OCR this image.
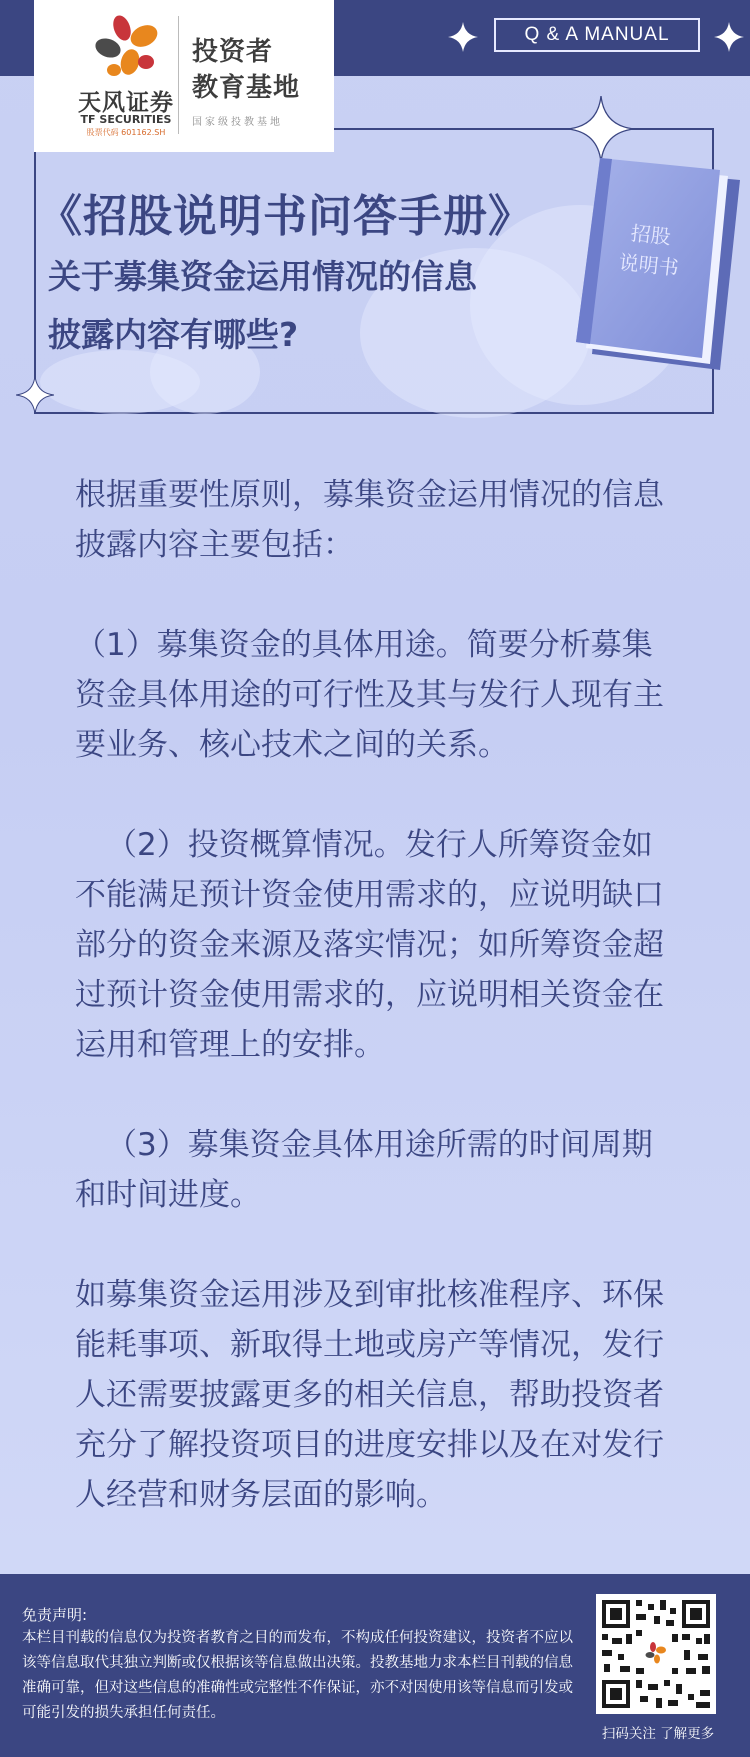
Q & A MANUAL
招股
说明书
《招股说明书问答手册》
关于募集资金运用情况的信息
披露内容有哪些?
天风证券
TF SECURITIES
股票代码 601162.SH
投资者
教育基地
国家级投教基地

根据重要性原则，募集资金运用情况的信息披露内容主要包括：

（1）募集资金的具体用途。简要分析募集资金具体用途的可行性及其与发行人现有主要业务、核心技术之间的关系。

（2）投资概算情况。发行人所筹资金如不能满足预计资金使用需求的，应说明缺口部分的资金来源及落实情况；如所筹资金超过预计资金使用需求的，应说明相关资金在运用和管理上的安排。

（3）募集资金具体用途所需的时间周期和时间进度。

如募集资金运用涉及到审批核准程序、环保能耗事项、新取得土地或房产等情况，发行人还需要披露更多的相关信息，帮助投资者充分了解投资项目的进度安排以及在对发行人经营和财务层面的影响。

免责声明:
本栏目刊载的信息仅为投资者教育之目的而发布，不构成任何投资建议，投资者不应以该等信息取代其独立判断或仅根据该等信息做出决策。投教基地力求本栏目刊载的信息准确可靠，但对这些信息的准确性或完整性不作保证，亦不对因使用该等信息而引发或可能引发的损失承担任何责任。
扫码关注 了解更多
